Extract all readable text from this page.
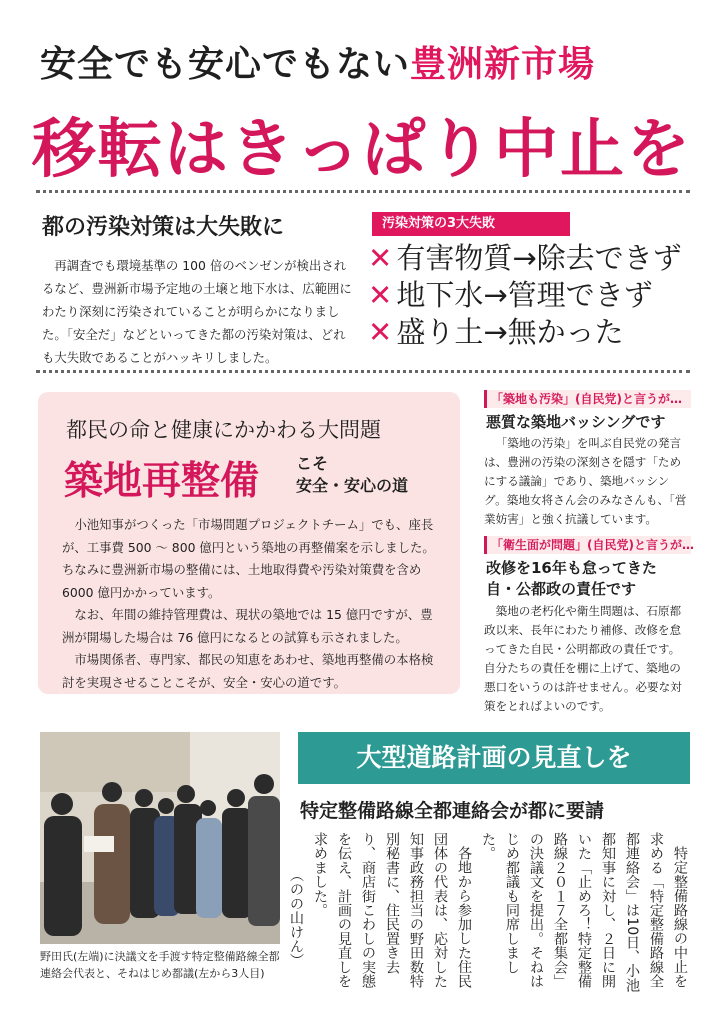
安全でも安心でもない豊洲新市場
移転はきっぱり中止を
都の汚染対策は大失敗に

再調査でも環境基準の 100 倍のベンゼンが検出されるなど、豊洲新市場予定地の土壌と地下水は、広範囲にわたり深刻に汚染されていることが明らかになりました。「安全だ」などといってきた都の汚染対策は、どれも大失敗であることがハッキリしました。

汚染対策の3大失敗
✕ 有害物質→除去できず
✕ 地下水→管理できず
✕ 盛り土→無かった
都民の命と健康にかかわる大問題
築地再整備 こそ
安全・安心の道

小池知事がつくった「市場問題プロジェクトチーム」でも、座長が、工事費 500 ～ 800 億円という築地の再整備案を示しました。ちなみに豊洲新市場の整備には、土地取得費や汚染対策費を含め 6000 億円かかっています。

なお、年間の維持管理費は、現状の築地では 15 億円ですが、豊洲が開場した場合は 76 億円になるとの試算も示されました。

市場関係者、専門家、都民の知恵をあわせ、築地再整備の本格検討を実現させることこそが、安全・安心の道です。

「築地も汚染」(自民党)と言うが…
悪質な築地バッシングです

「築地の汚染」を叫ぶ自民党の発言は、豊洲の汚染の深刻さを隠す「ためにする議論」であり、築地バッシング。築地女将さん会のみなさんも、「営業妨害」と強く抗議しています。

「衛生面が問題」(自民党)と言うが…
改修を16年も怠ってきた
自・公都政の責任です

築地の老朽化や衛生問題は、石原都政以来、長年にわたり補修、改修を怠ってきた自民・公明都政の責任です。自分たちの責任を棚に上げて、築地の悪口をいうのは許せません。必要な対策をとればよいのです。

野田氏(左端)に決議文を手渡す特定整備路線全都連絡会代表と、そねはじめ都議(左から3人目)
大型道路計画の見直しを
特定整備路線全都連絡会が都に要請

特定整備路線の中止を求める「特定整備路線全都連絡会」は10日、小池都知事に対し、２日に開いた「止めろ！特定整備路線２０１７全都集会」の決議文を提出。そねはじめ都議も同席しました。

各地から参加した住民団体の代表は、応対した知事政務担当の野田数特別秘書に、住民置き去り、商店街こわしの実態を伝え、計画の見直しを求めました。

（のの山けん）
